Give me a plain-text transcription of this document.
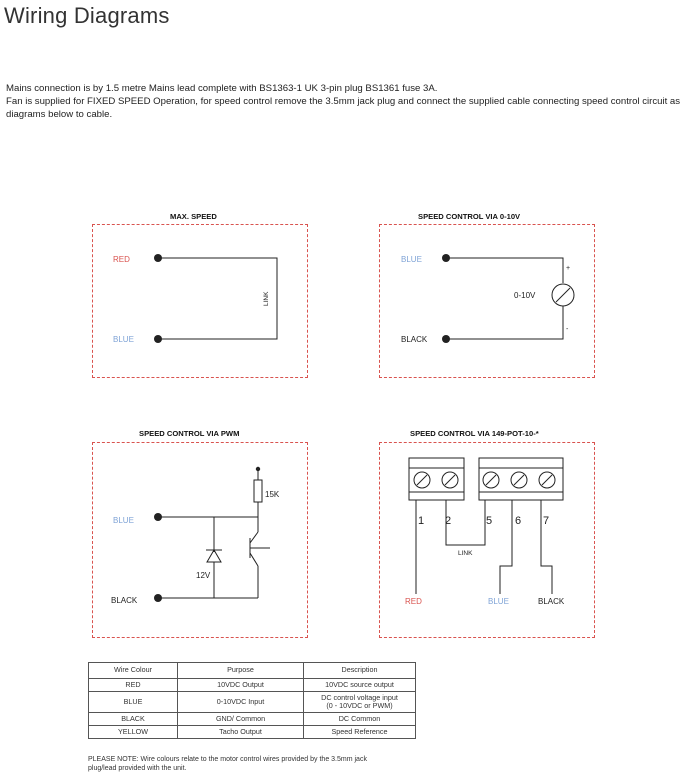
Wiring Diagrams

Mains connection is by 1.5 metre Mains lead complete with BS1363-1 UK 3-pin plug BS1361 fuse 3A.

Fan is supplied for FIXED SPEED Operation, for speed control remove the 3.5mm jack plug and connect the supplied cable connecting speed control circuit as diagrams below to cable.

MAX. SPEED	SPEED CONTROL VIA 0-10V
SPEED CONTROL VIA PWM	SPEED CONTROL VIA 149-POT-10-*
RED
BLUE
LINK
BLUE
BLACK
0-10V
+
-
BLUE
BLACK
15K
12V
1 2	5 6 7
LINK
RED	BLUE	BLACK
Wire Colour	Purpose	Description
RED	10VDC Output	10VDC source output
BLUE	0-10VDC Input	DC control voltage input
(0 - 10VDC or PWM)
BLACK	GND/ Common	DC Common
YELLOW	Tacho Output	Speed Reference
PLEASE NOTE: Wire colours relate to the motor control wires provided by the 3.5mm jack plug/lead provided with the unit.
